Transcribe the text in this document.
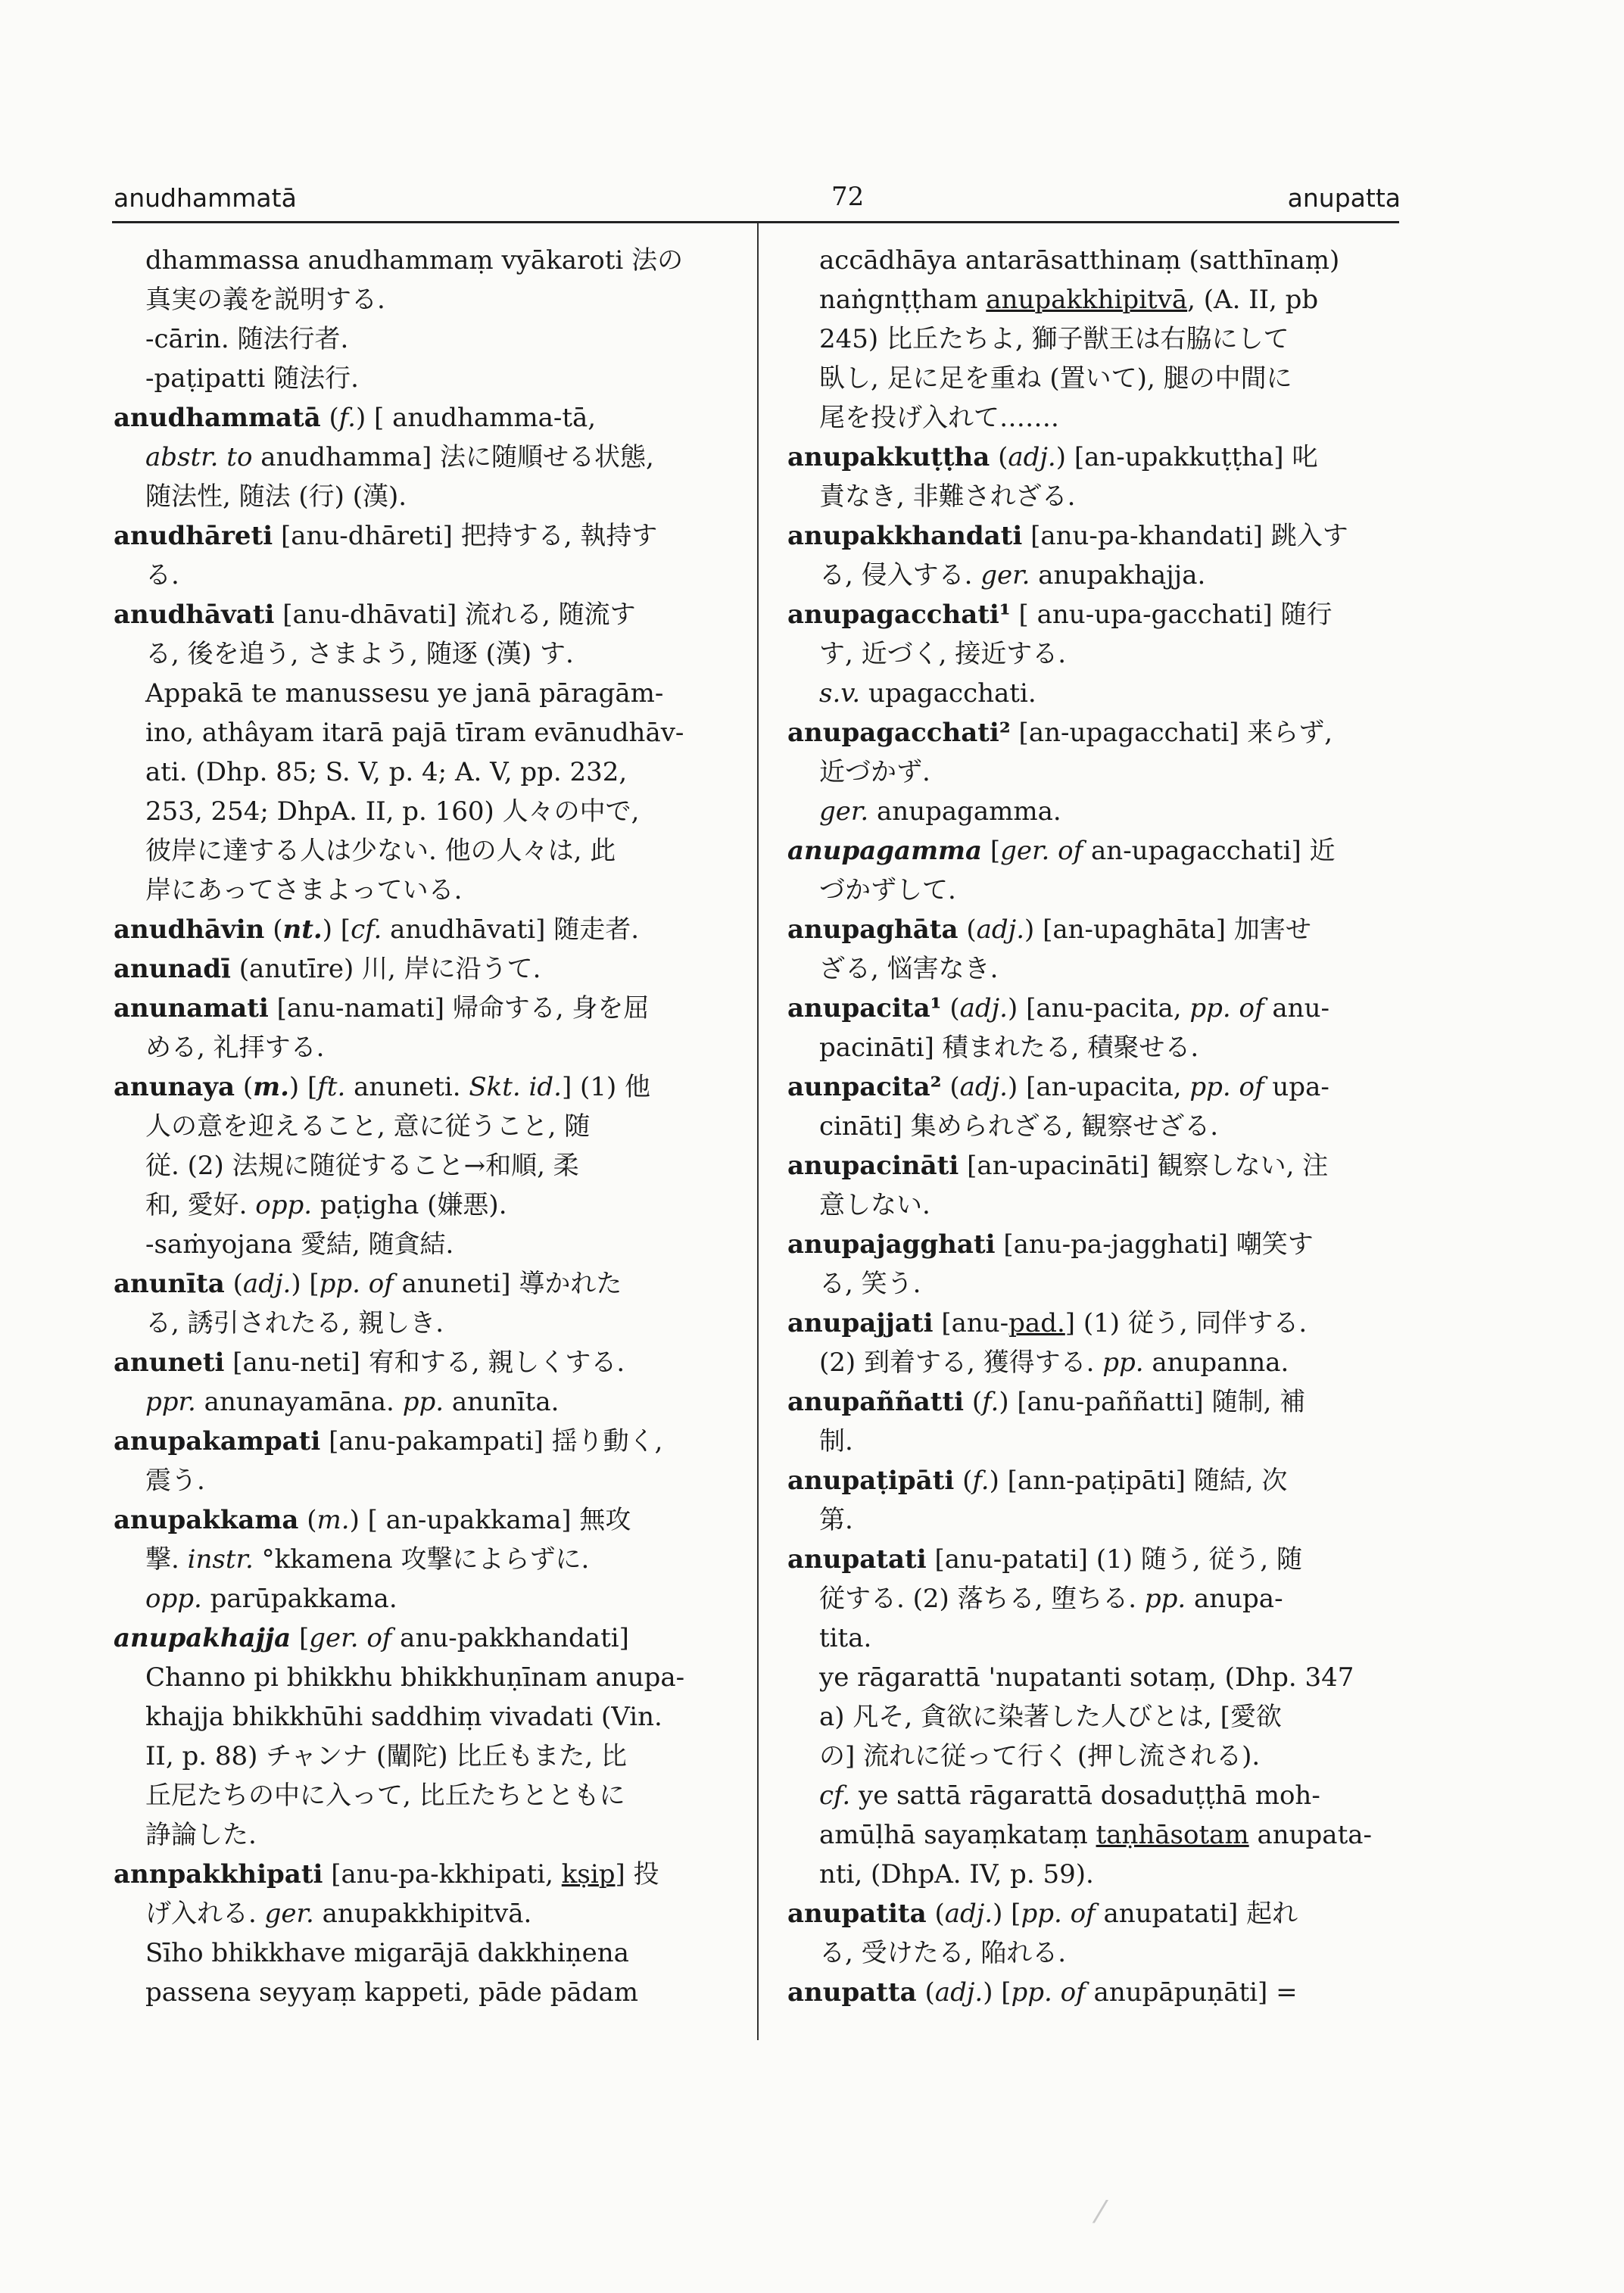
anudhammatā	72	anupatta
dhammassa anudhammaṃ vyākaroti 法の
真実の義を説明する.
-cārin. 随法行者.
-paṭipatti 随法行.
anudhammatā (f.) [ anudhamma-tā,
abstr. to anudhamma] 法に随順せる状態,
随法性, 随法 (行) (漢).
anudhāreti [anu-dhāreti] 把持する, 執持す
る.
anudhāvati [anu-dhāvati] 流れる, 随流す
る, 後を追う, さまよう, 随逐 (漢) す.
Appakā te manussesu ye janā pāragām-
ino, athâyam itarā pajā tīram evānudhāv-
ati. (Dhp. 85; S. V, p. 4; A. V, pp. 232,
253, 254; DhpA. II, p. 160) 人々の中で,
彼岸に達する人は少ない. 他の人々は, 此
岸にあってさまよっている.
anudhāvin (nt.) [cf. anudhāvati] 随走者.
anunadī (anutīre) 川, 岸に沿うて.
anunamati [anu-namati] 帰命する, 身を屈
める, 礼拝する.
anunaya (m.) [ft. anuneti. Skt. id.] (1) 他
人の意を迎えること, 意に従うこと, 随
従. (2) 法規に随従すること→和順, 柔
和, 愛好. opp. paṭigha (嫌悪).
-saṁyojana 愛結, 随貪結.
anunīta (adj.) [pp. of anuneti] 導かれた
る, 誘引されたる, 親しき.
anuneti [anu-neti] 宥和する, 親しくする.
ppr. anunayamāna. pp. anunīta.
anupakampati [anu-pakampati] 揺り動く,
震う.
anupakkama (m.) [ an-upakkama] 無攻
撃. instr. °kkamena 攻撃によらずに.
opp. parūpakkama.
anupakhajja [ger. of anu-pakkhandati]
Channo pi bhikkhu bhikkhuṇīnam anupa-
khajja bhikkhūhi saddhiṃ vivadati (Vin.
II, p. 88) チャンナ (闡陀) 比丘もまた, 比
丘尼たちの中に入って, 比丘たちとともに
諍論した.
annpakkhipati [anu-pa-kkhipati, kṣip] 投
げ入れる. ger. anupakkhipitvā.
Sīho bhikkhave migarājā dakkhiṇena
passena seyyaṃ kappeti, pāde pādam
accādhāya antarāsatthinaṃ (satthīnaṃ)
naṅgnṭṭham anupakkhipitvā, (A. II, pb
245) 比丘たちよ, 獅子獣王は右脇にして
臥し, 足に足を重ね (置いて), 腿の中間に
尾を投げ入れて…….
anupakkuṭṭha (adj.) [an-upakkuṭṭha] 叱
責なき, 非難されざる.
anupakkhandati [anu-pa-khandati] 跳入す
る, 侵入する. ger. anupakhajja.
anupagacchati¹ [ anu-upa-gacchati] 随行
す, 近づく, 接近する.
s.v. upagacchati.
anupagacchati² [an-upagacchati] 来らず,
近づかず.
ger. anupagamma.
anupagamma [ger. of an-upagacchati] 近
づかずして.
anupaghāta (adj.) [an-upaghāta] 加害せ
ざる, 悩害なき.
anupacita¹ (adj.) [anu-pacita, pp. of anu-
pacināti] 積まれたる, 積聚せる.
aunpacita² (adj.) [an-upacita, pp. of upa-
cināti] 集められざる, 観察せざる.
anupacināti [an-upacināti] 観察しない, 注
意しない.
anupajagghati [anu-pa-jagghati] 嘲笑す
る, 笑う.
anupajjati [anu-pad.] (1) 従う, 同伴する.
(2) 到着する, 獲得する. pp. anupanna.
anupaññatti (f.) [anu-paññatti] 随制, 補
制.
anupaṭipāti (f.) [ann-paṭipāti] 随結, 次
第.
anupatati [anu-patati] (1) 随う, 従う, 随
従する. (2) 落ちる, 堕ちる. pp. anupa-
tita.
ye rāgarattā 'nupatanti sotaṃ, (Dhp. 347
a) 凡そ, 貪欲に染著した人びとは, [愛欲
の] 流れに従って行く (押し流される).
cf. ye sattā rāgarattā dosaduṭṭhā moh-
amūḷhā sayaṃkataṃ taṇhāsotam anupata-
nti, (DhpA. IV, p. 59).
anupatita (adj.) [pp. of anupatati] 起れ
る, 受けたる, 陥れる.
anupatta (adj.) [pp. of anupāpuṇāti] =
⁄
